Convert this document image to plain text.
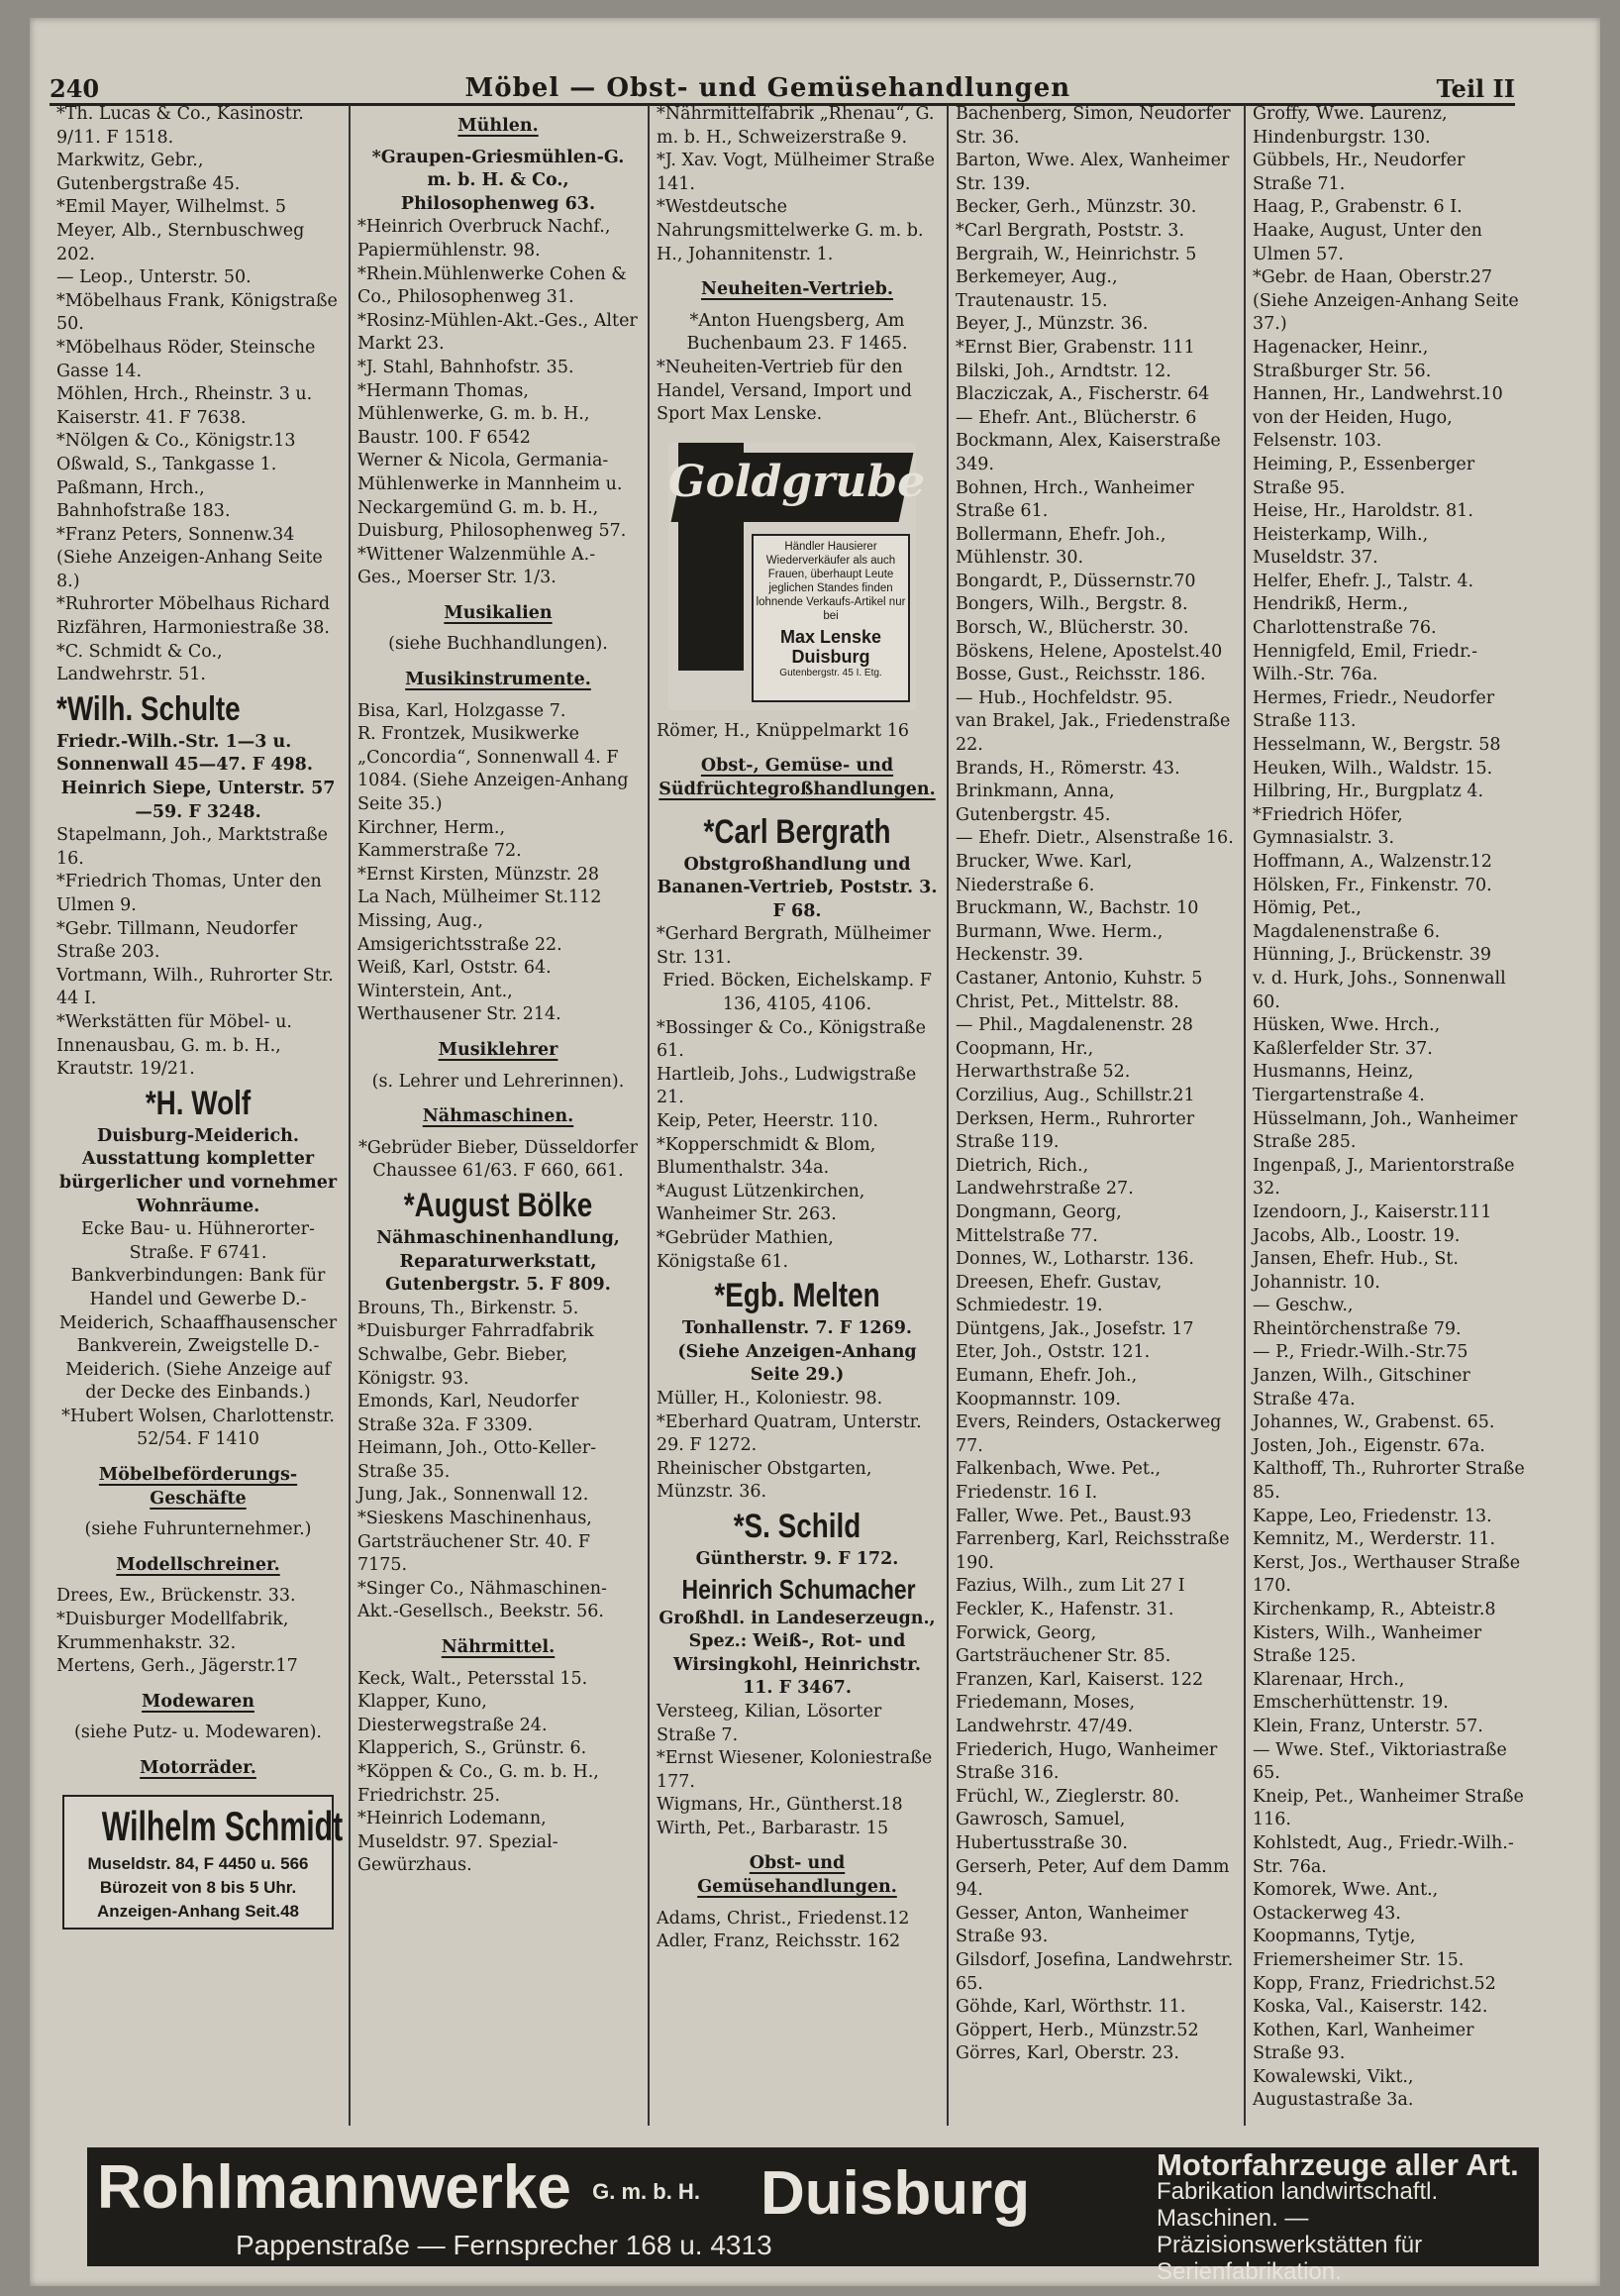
240	Möbel — Obst- und Gemüsehandlungen	Teil II

*Th. Lucas & Co., Kasinostr. 9/11. F 1518.

Markwitz, Gebr., Gutenbergstraße 45.

*Emil Mayer, Wilhelmst. 5

Meyer, Alb., Sternbuschweg 202.

— Leop., Unterstr. 50.

*Möbelhaus Frank, Königstraße 50.

*Möbelhaus Röder, Steinsche Gasse 14.

Möhlen, Hrch., Rheinstr. 3 u. Kaiserstr. 41. F 7638.

*Nölgen & Co., Königstr.13

Oßwald, S., Tankgasse 1.

Paßmann, Hrch., Bahnhofstraße 183.

*Franz Peters, Sonnenw.34 (Siehe Anzeigen-Anhang Seite 8.)

*Ruhrorter Möbelhaus Richard Rizfähren, Harmoniestraße 38.

*C. Schmidt & Co., Landwehrstr. 51.

*Wilh. Schulte

Friedr.-Wilh.-Str. 1—3 u. Sonnenwall 45—47. F 498.

Heinrich Siepe, Unterstr. 57—59. F 3248.

Stapelmann, Joh., Marktstraße 16.

*Friedrich Thomas, Unter den Ulmen 9.

*Gebr. Tillmann, Neudorfer Straße 203.

Vortmann, Wilh., Ruhrorter Str. 44 I.

*Werkstätten für Möbel- u. Innenausbau, G. m. b. H., Krautstr. 19/21.

*H. Wolf

Duisburg-Meiderich.

Ausstattung kompletter bürgerlicher und vornehmer Wohnräume.

Ecke Bau- u. Hühnerorter-Straße. F 6741.

Bankverbindungen: Bank für Handel und Gewerbe D.-Meiderich, Schaaffhausenscher Bankverein, Zweigstelle D.-Meiderich. (Siehe Anzeige auf der Decke des Einbands.)

*Hubert Wolsen, Charlottenstr. 52/54. F 1410

Möbelbeförderungs-Geschäfte

(siehe Fuhrunternehmer.)

Modellschreiner.

Drees, Ew., Brückenstr. 33.

*Duisburger Modellfabrik, Krummenhakstr. 32.

Mertens, Gerh., Jägerstr.17

Modewaren

(siehe Putz- u. Modewaren).

Motorräder.
Wilhelm Schmidt
Museldstr. 84, F 4450 u. 566
Bürozeit von 8 bis 5 Uhr.
Anzeigen-Anhang Seit.48
Mühlen.

*Graupen-Griesmühlen-G. m. b. H. & Co., Philosophenweg 63.

*Heinrich Overbruck Nachf., Papiermühlenstr. 98.

*Rhein.Mühlenwerke Cohen & Co., Philosophenweg 31.

*Rosinz-Mühlen-Akt.-Ges., Alter Markt 23.

*J. Stahl, Bahnhofstr. 35.

*Hermann Thomas, Mühlenwerke, G. m. b. H., Baustr. 100. F 6542

Werner & Nicola, Germania-Mühlenwerke in Mannheim u. Neckargemünd G. m. b. H., Duisburg, Philosophenweg 57.

*Wittener Walzenmühle A.-Ges., Moerser Str. 1/3.

Musikalien

(siehe Buchhandlungen).

Musikinstrumente.

Bisa, Karl, Holzgasse 7.

R. Frontzek, Musikwerke „Concordia“, Sonnenwall 4. F 1084. (Siehe Anzeigen-Anhang Seite 35.)

Kirchner, Herm., Kammerstraße 72.

*Ernst Kirsten, Münzstr. 28

La Nach, Mülheimer St.112

Missing, Aug., Amsigerichtsstraße 22.

Weiß, Karl, Oststr. 64.

Winterstein, Ant., Werthausener Str. 214.

Musiklehrer

(s. Lehrer und Lehrerinnen).

Nähmaschinen.

*Gebrüder Bieber, Düsseldorfer Chaussee 61/63. F 660, 661.

*August Bölke

Nähmaschinenhandlung, Reparaturwerkstatt, Gutenbergstr. 5. F 809.

Brouns, Th., Birkenstr. 5.

*Duisburger Fahrradfabrik Schwalbe, Gebr. Bieber, Königstr. 93.

Emonds, Karl, Neudorfer Straße 32a. F 3309.

Heimann, Joh., Otto-Keller-Straße 35.

Jung, Jak., Sonnenwall 12.

*Sieskens Maschinenhaus, Gartsträuchener Str. 40. F 7175.

*Singer Co., Nähmaschinen-Akt.-Gesellsch., Beekstr. 56.

Nährmittel.

Keck, Walt., Petersstal 15.

Klapper, Kuno, Diesterwegstraße 24.

Klapperich, S., Grünstr. 6.

*Köppen & Co., G. m. b. H., Friedrichstr. 25.

*Heinrich Lodemann, Museldstr. 97. Spezial-Gewürzhaus.

*Nährmittelfabrik „Rhenau“, G. m. b. H., Schweizerstraße 9.

*J. Xav. Vogt, Mülheimer Straße 141.

*Westdeutsche Nahrungsmittelwerke G. m. b. H., Johannitenstr. 1.

Neuheiten-Vertrieb.

*Anton Huengsberg, Am Buchenbaum 23. F 1465.

*Neuheiten-Vertrieb für den Handel, Versand, Import und Sport Max Lenske.

Goldgrube
Händler Hausierer Wiederverkäufer als auch Frauen, überhaupt Leute jeglichen Standes finden lohnende Verkaufs-Artikel nur bei
Max Lenske Duisburg
Gutenbergstr. 45 I. Etg.

Römer, H., Knüppelmarkt 16

Obst-, Gemüse- und Südfrüchtegroßhandlungen.
*Carl Bergrath

Obstgroßhandlung und Bananen-Vertrieb, Poststr. 3. F 68.

*Gerhard Bergrath, Mülheimer Str. 131.

Fried. Böcken, Eichelskamp. F 136, 4105, 4106.

*Bossinger & Co., Königstraße 61.

Hartleib, Johs., Ludwigstraße 21.

Keip, Peter, Heerstr. 110.

*Kopperschmidt & Blom, Blumenthalstr. 34a.

*August Lützenkirchen, Wanheimer Str. 263.

*Gebrüder Mathien, Königstaße 61.

*Egb. Melten

Tonhallenstr. 7. F 1269. (Siehe Anzeigen-Anhang Seite 29.)

Müller, H., Koloniestr. 98.

*Eberhard Quatram, Unterstr. 29. F 1272.

Rheinischer Obstgarten, Münzstr. 36.

*S. Schild

Güntherstr. 9. F 172.

Heinrich Schumacher

Großhdl. in Landeserzeugn., Spez.: Weiß-, Rot- und Wirsingkohl, Heinrichstr. 11. F 3467.

Versteeg, Kilian, Lösorter Straße 7.

*Ernst Wiesener, Koloniestraße 177.

Wigmans, Hr., Güntherst.18

Wirth, Pet., Barbarastr. 15

Obst- und Gemüsehandlungen.

Adams, Christ., Friedenst.12

Adler, Franz, Reichsstr. 162

Bachenberg, Simon, Neudorfer Str. 36.

Barton, Wwe. Alex, Wanheimer Str. 139.

Becker, Gerh., Münzstr. 30.

*Carl Bergrath, Poststr. 3.

Bergraih, W., Heinrichstr. 5

Berkemeyer, Aug., Trautenaustr. 15.

Beyer, J., Münzstr. 36.

*Ernst Bier, Grabenstr. 111

Bilski, Joh., Arndtstr. 12.

Blacziczak, A., Fischerstr. 64

— Ehefr. Ant., Blücherstr. 6

Bockmann, Alex, Kaiserstraße 349.

Bohnen, Hrch., Wanheimer Straße 61.

Bollermann, Ehefr. Joh., Mühlenstr. 30.

Bongardt, P., Düssernstr.70

Bongers, Wilh., Bergstr. 8.

Borsch, W., Blücherstr. 30.

Böskens, Helene, Apostelst.40

Bosse, Gust., Reichsstr. 186.

— Hub., Hochfeldstr. 95.

van Brakel, Jak., Friedenstraße 22.

Brands, H., Römerstr. 43.

Brinkmann, Anna, Gutenbergstr. 45.

— Ehefr. Dietr., Alsenstraße 16.

Brucker, Wwe. Karl, Niederstraße 6.

Bruckmann, W., Bachstr. 10

Burmann, Wwe. Herm., Heckenstr. 39.

Castaner, Antonio, Kuhstr. 5

Christ, Pet., Mittelstr. 88.

— Phil., Magdalenenstr. 28

Coopmann, Hr., Herwarthstraße 52.

Corzilius, Aug., Schillstr.21

Derksen, Herm., Ruhrorter Straße 119.

Dietrich, Rich., Landwehrstraße 27.

Dongmann, Georg, Mittelstraße 77.

Donnes, W., Lotharstr. 136.

Dreesen, Ehefr. Gustav, Schmiedestr. 19.

Düntgens, Jak., Josefstr. 17

Eter, Joh., Oststr. 121.

Eumann, Ehefr. Joh., Koopmannstr. 109.

Evers, Reinders, Ostackerweg 77.

Falkenbach, Wwe. Pet., Friedenstr. 16 I.

Faller, Wwe. Pet., Baust.93

Farrenberg, Karl, Reichsstraße 190.

Fazius, Wilh., zum Lit 27 I

Feckler, K., Hafenstr. 31.

Forwick, Georg, Gartsträuchener Str. 85.

Franzen, Karl, Kaiserst. 122

Friedemann, Moses, Landwehrstr. 47/49.

Friederich, Hugo, Wanheimer Straße 316.

Früchl, W., Zieglerstr. 80.

Gawrosch, Samuel, Hubertusstraße 30.

Gerserh, Peter, Auf dem Damm 94.

Gesser, Anton, Wanheimer Straße 93.

Gilsdorf, Josefina, Landwehrstr. 65.

Göhde, Karl, Wörthstr. 11.

Göppert, Herb., Münzstr.52

Görres, Karl, Oberstr. 23.

Groffy, Wwe. Laurenz, Hindenburgstr. 130.

Gübbels, Hr., Neudorfer Straße 71.

Haag, P., Grabenstr. 6 I.

Haake, August, Unter den Ulmen 57.

*Gebr. de Haan, Oberstr.27 (Siehe Anzeigen-Anhang Seite 37.)

Hagenacker, Heinr., Straßburger Str. 56.

Hannen, Hr., Landwehrst.10

von der Heiden, Hugo, Felsenstr. 103.

Heiming, P., Essenberger Straße 95.

Heise, Hr., Haroldstr. 81.

Heisterkamp, Wilh., Museldstr. 37.

Helfer, Ehefr. J., Talstr. 4.

Hendrikß, Herm., Charlottenstraße 76.

Hennigfeld, Emil, Friedr.-Wilh.-Str. 76a.

Hermes, Friedr., Neudorfer Straße 113.

Hesselmann, W., Bergstr. 58

Heuken, Wilh., Waldstr. 15.

Hilbring, Hr., Burgplatz 4.

*Friedrich Höfer, Gymnasialstr. 3.

Hoffmann, A., Walzenstr.12

Hölsken, Fr., Finkenstr. 70.

Hömig, Pet., Magdalenenstraße 6.

Hünning, J., Brückenstr. 39

v. d. Hurk, Johs., Sonnenwall 60.

Hüsken, Wwe. Hrch., Kaßlerfelder Str. 37.

Husmanns, Heinz, Tiergartenstraße 4.

Hüsselmann, Joh., Wanheimer Straße 285.

Ingenpaß, J., Marientorstraße 32.

Izendoorn, J., Kaiserstr.111

Jacobs, Alb., Loostr. 19.

Jansen, Ehefr. Hub., St. Johannistr. 10.

— Geschw., Rheintörchenstraße 79.

— P., Friedr.-Wilh.-Str.75

Janzen, Wilh., Gitschiner Straße 47a.

Johannes, W., Grabenst. 65.

Josten, Joh., Eigenstr. 67a.

Kalthoff, Th., Ruhrorter Straße 85.

Kappe, Leo, Friedenstr. 13.

Kemnitz, M., Werderstr. 11.

Kerst, Jos., Werthauser Straße 170.

Kirchenkamp, R., Abteistr.8

Kisters, Wilh., Wanheimer Straße 125.

Klarenaar, Hrch., Emscherhüttenstr. 19.

Klein, Franz, Unterstr. 57.

— Wwe. Stef., Viktoriastraße 65.

Kneip, Pet., Wanheimer Straße 116.

Kohlstedt, Aug., Friedr.-Wilh.-Str. 76a.

Komorek, Wwe. Ant., Ostackerweg 43.

Koopmanns, Tytje, Friemersheimer Str. 15.

Kopp, Franz, Friedrichst.52

Koska, Val., Kaiserstr. 142.

Kothen, Karl, Wanheimer Straße 93.

Kowalewski, Vikt., Augustastraße 3a.

Rohlmannwerke G. m. b. H. Duisburg
Pappenstraße — Fernsprecher 168 u. 4313
Motorfahrzeuge aller Art.
Fabrikation landwirtschaftl.
Maschinen. — Präzisionswerkstätten für Serienfabrikation.
